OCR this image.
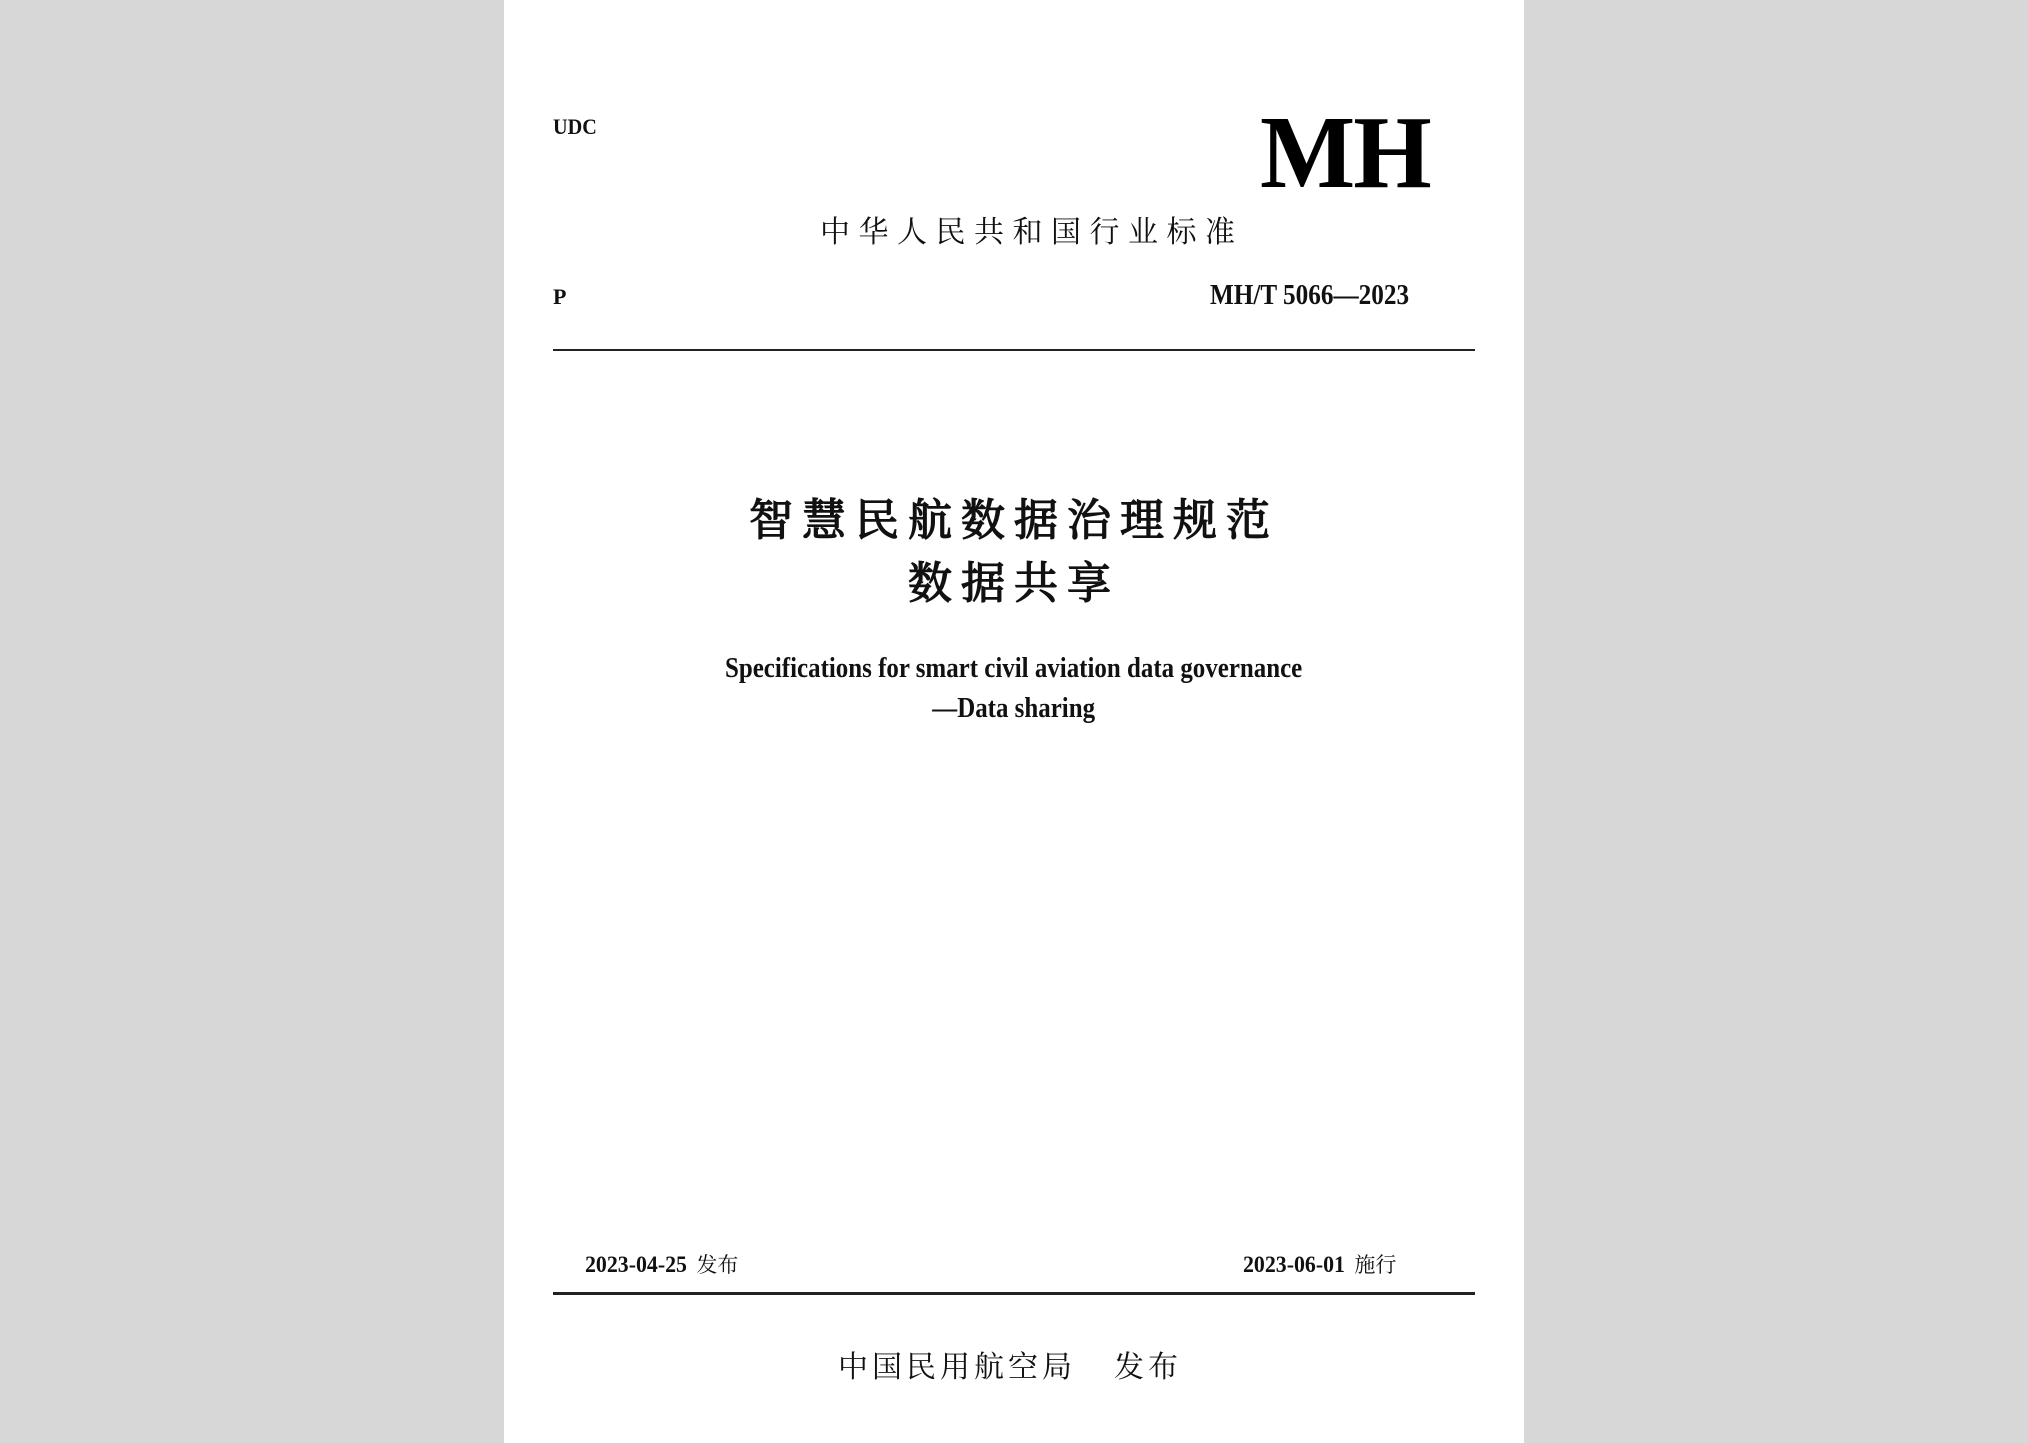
UDC	MH
中华人民共和国行业标准
P	MH/T 5066—2023
智慧民航数据治理规范
数据共享
Specifications for smart civil aviation data governance
—Data sharing
2023-04-25 发布	2023-06-01 施行
中国民用航空局 发布
